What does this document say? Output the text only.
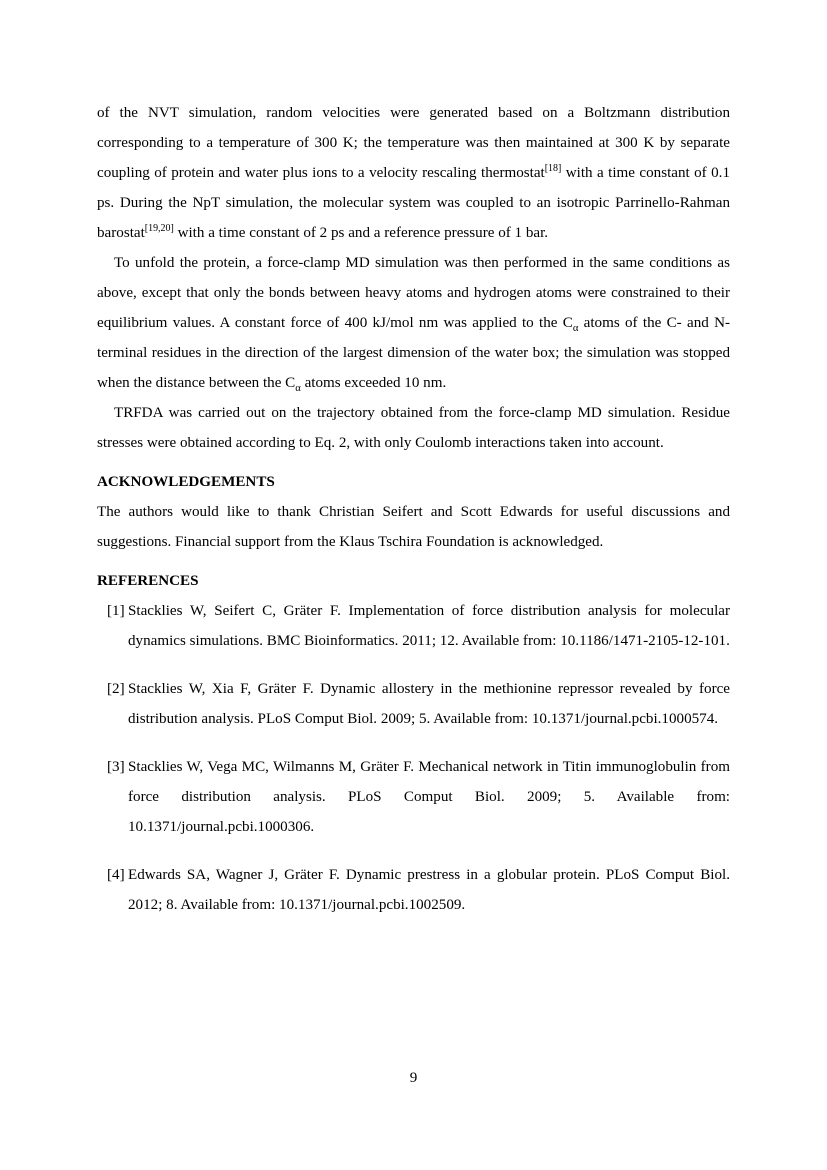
of the NVT simulation, random velocities were generated based on a Boltzmann distribution corresponding to a temperature of 300 K; the temperature was then maintained at 300 K by separate coupling of protein and water plus ions to a velocity rescaling thermostat[18] with a time constant of 0.1 ps. During the NpT simulation, the molecular system was coupled to an isotropic Parrinello-Rahman barostat[19,20] with a time constant of 2 ps and a reference pressure of 1 bar.

To unfold the protein, a force-clamp MD simulation was then performed in the same conditions as above, except that only the bonds between heavy atoms and hydrogen atoms were constrained to their equilibrium values. A constant force of 400 kJ/mol nm was applied to the $C_\alpha$ atoms of the C- and N-terminal residues in the direction of the largest dimension of the water box; the simulation was stopped when the distance between the $C_\alpha$ atoms exceeded 10 nm.

TRFDA was carried out on the trajectory obtained from the force-clamp MD simulation. Residue stresses were obtained according to Eq. 2, with only Coulomb interactions taken into account.

ACKNOWLEDGEMENTS

The authors would like to thank Christian Seifert and Scott Edwards for useful discussions and suggestions. Financial support from the Klaus Tschira Foundation is acknowledged.

REFERENCES
[1] Stacklies W, Seifert C, Gräter F. Implementation of force distribution analysis for molecular dynamics simulations. BMC Bioinformatics. 2011; 12. Available from: 10.1186/1471-2105-12-101.
[2] Stacklies W, Xia F, Gräter F. Dynamic allostery in the methionine repressor revealed by force distribution analysis. PLoS Comput Biol. 2009; 5. Available from: 10.1371/journal.pcbi.1000574.
[3] Stacklies W, Vega MC, Wilmanns M, Gräter F. Mechanical network in Titin immunoglobulin from force distribution analysis. PLoS Comput Biol. 2009; 5. Available from: 10.1371/journal.pcbi.1000306.
[4] Edwards SA, Wagner J, Gräter F. Dynamic prestress in a globular protein. PLoS Comput Biol. 2012; 8. Available from: 10.1371/journal.pcbi.1002509.
9
